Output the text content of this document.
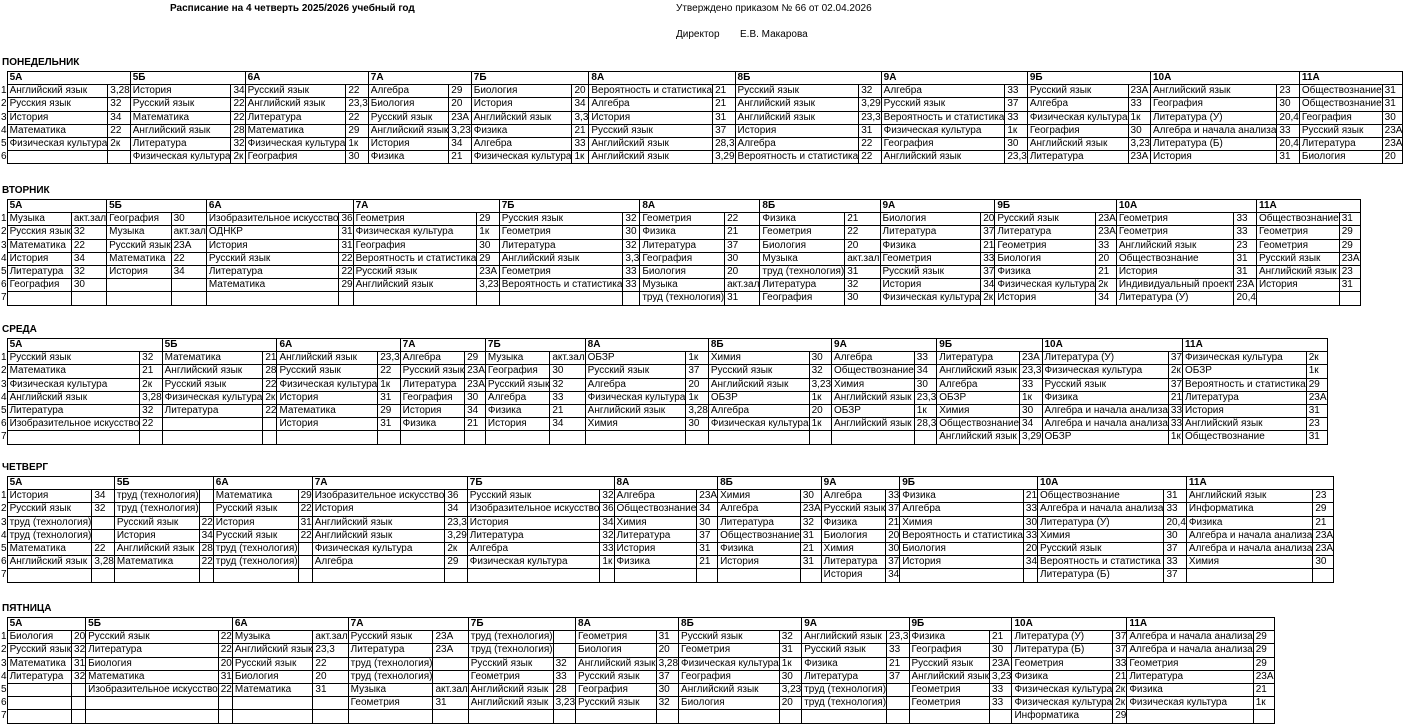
Расписание на 4 четверть 2025/2026 учебный год	Утверждено приказом № 66 от 02.04.2026
Директор Е.В. Макарова
ПОНЕДЕЛЬНИК
	5А		5Б		6А		7А		7Б		8А		8Б		9А		9Б		10А		11А	
1	Английский язык	3,28	История	34	Русский язык	22	Алгебра	29	Биология	20	Вероятность и статистика	21	Русский язык	32	Алгебра	33	Русский язык	23А	Английский язык	23	Обществознание	31
2	Русския язык	32	Русский язык	22	Английский язык	23,3	Биология	20	История	34	Алгебра	21	Английский язык	3,29	Русский язык	37	Алгебра	33	География	30	Обществознание	31
3	История	34	Математика	22	Литература	22	Русский язык	23А	Английский язык	3,3	История	31	Английский язык	23,3	Вероятность и статистика	33	Физическая культура	1к	Литература (У)	20,4	География	30
4	Математика	22	Английский язык	28	Математика	29	Английский язык	3,23	Физика	21	Русский язык	37	История	31	Физическая культура	1к	География	30	Алгебра и начала анализа	33	Русский язык	23А
5	Физическая культура	2к	Литература	32	Физическая культура	1к	История	34	Алгебра	33	Английский язык	28,3	Алгебра	22	География	30	Английский язык	3,23	Литература (Б)	20,4	Литература	23А
6			Физическая культура	2к	География	30	Физика	21	Физическая культура	1к	Английский язык	3,29	Вероятность и статистика	22	Английский язык	23,3	Литература	23А	История	31	Биология	20
ВТОРНИК
	5А		5Б		6А		7А		7Б		8А		8Б		9А		9Б		10А		11А	
1	Музыка	акт.зал	География	30	Изобразительное искусство	36	Геометрия	29	Русския язык	32	Геометрия	22	Физика	21	Биология	20	Русский язык	23А	Геометрия	33	Обществознание	31
2	Русския язык	32	Музыка	акт.зал	ОДНКР	31	Физическая культура	1к	Геометрия	30	Физика	21	Геометрия	22	Литература	37	Литература	23А	Геометрия	33	Геометрия	29
3	Математика	22	Русский язык	23А	История	31	География	30	Литература	32	Литература	37	Биология	20	Физика	21	Геометрия	33	Английский язык	23	Геометрия	29
4	История	34	Математика	22	Русский язык	22	Вероятность и статистика	29	Английский язык	3,3	География	30	Музыка	акт.зал	Геометрия	33	Биология	20	Обществознание	31	Русский язык	23А
5	Литература	32	История	34	Литература	22	Русский язык	23А	Геометрия	33	Биология	20	труд (технология)	31	Русский язык	37	Физика	21	История	31	Английский язык	23
6	География	30			Математика	29	Английский язык	3,23	Вероятность и статистика	33	Музыка	акт.зал	Литература	32	История	34	Физическая культура	2к	Индивидуальный проект	23А	История	31
7											труд (технология)	31	География	30	Физическая культура	2к	История	34	Литература (У)	20,4		
СРЕДА
	5А		5Б		6А		7А		7Б		8А		8Б		9А		9Б		10А		11А	
1	Русский язык	32	Математика	21	Английский язык	23,3	Алгебра	29	Музыка	акт.зал	ОБЗР	1к	Химия	30	Алгебра	33	Литература	23А	Литература (У)	37	Физическая культура	2к
2	Математика	21	Английский язык	28	Русский язык	22	Русский язык	23А	География	30	Русский язык	37	Русский язык	32	Обществознание	34	Английский язык	23,3	Физическая культура	2к	ОБЗР	1к
3	Физическая культура	2к	Русский язык	22	Физическая культура	1к	Литература	23А	Русский язык	32	Алгебра	20	Английский язык	3,23	Химия	30	Алгебра	33	Русский язык	37	Вероятность и статистика	29
4	Английский язык	3,28	Физическая культура	2к	История	31	География	30	Алгебра	33	Физическая культура	1к	ОБЗР	1к	Английский язык	23,3	ОБЗР	1к	Физика	21	Литература	23А
5	Литература	32	Литература	22	Математика	29	История	34	Физика	21	Английский язык	3,28	Алгебра	20	ОБЗР	1к	Химия	30	Алгебра и начала анализа	33	История	31
6	Изобразительное искусство	22			История	31	Физика	21	История	34	Химия	30	Физическая культура	1к	Английский язык	28,3	Обществознание	34	Алгебра и начала анализа	33	Английский язык	23
7																	Английский язык	3,29	ОБЗР	1к	Обществознание	31
ЧЕТВЕРГ
	5А		5Б		6А		7А		7Б		8А		8Б		9А		9Б		10А		11А	
1	История	34	труд (технология)		Математика	29	Изобразительное искусство	36	Русский язык	32	Алгебра	23А	Химия	30	Алгебра	33	Физика	21	Обществознание	31	Английский язык	23
2	Русский язык	32	труд (технология)		Русский язык	22	История	34	Изобразительное искусство	36	Обществознание	34	Алгебра	23А	Русский язык	37	Алгебра	33	Алгебра и начала анализа	33	Информатика	29
3	труд (технология)		Русский язык	22	История	31	Английский язык	23,3	История	34	Химия	30	Литература	32	Физика	21	Химия	30	Литература (У)	20,4	Физика	21
4	труд (технология)		История	34	Русский язык	22	Английский язык	3,29	Литература	32	Литература	37	Обществознание	31	Биология	20	Вероятность и статистика	33	Химия	30	Алгебра и начала анализа	23А
5	Математика	22	Английский язык	28	труд (технология)		Физическая культура	2к	Алгебра	33	История	31	Физика	21	Химия	30	Биология	20	Русский язык	37	Алгебра и начала анализа	23А
6	Английский язык	3,28	Математика	22	труд (технология)		Алгебра	29	Физическая культура	1к	Физика	21	История	31	Литература	37	История	34	Вероятность и статистика	33	Химия	30
7															История	34			Литература (Б)	37		
ПЯТНИЦА
	5А		5Б		6А		7А		7Б		8А		8Б		9А		9Б		10А		11А	
1	Биология	20	Русский язык	22	Музыка	акт.зал	Русский язык	23А	труд (технология)		Геометрия	31	Русский язык	32	Английский язык	23,3	Физика	21	Литература (У)	37	Алгебра и начала анализа	29
2	Русский язык	32	Литература	22	Английский язык	23,3	Литература	23А	труд (технология)		Биология	20	Геометрия	31	Русский язык	33	География	30	Литература (Б)	37	Алгебра и начала анализа	29
3	Математика	31	Биология	20	Русский язык	22	труд (технология)		Русский язык	32	Английский язык	3,28	Физическая культура	1к	Физика	21	Русский язык	23А	Геометрия	33	Геометрия	29
4	Литература	32	Математика	31	Биология	20	труд (технология)		Геометрия	33	Русский язык	37	География	30	Литература	37	Английский язык	3,23	Физика	21	Литература	23А
5			Изобразительное искусство	22	Математика	31	Музыка	акт.зал	Английский язык	28	География	30	Английский язык	3,23	труд (технология)		Геометрия	33	Физическая культура	2к	Физика	21
6							Геометрия	31	Английский язык	3,23	Русский язык	32	Биология	20	труд (технология)		Геометрия	33	Физическая культура	2к	Физическая культура	1к
7																			Информатика	29		
